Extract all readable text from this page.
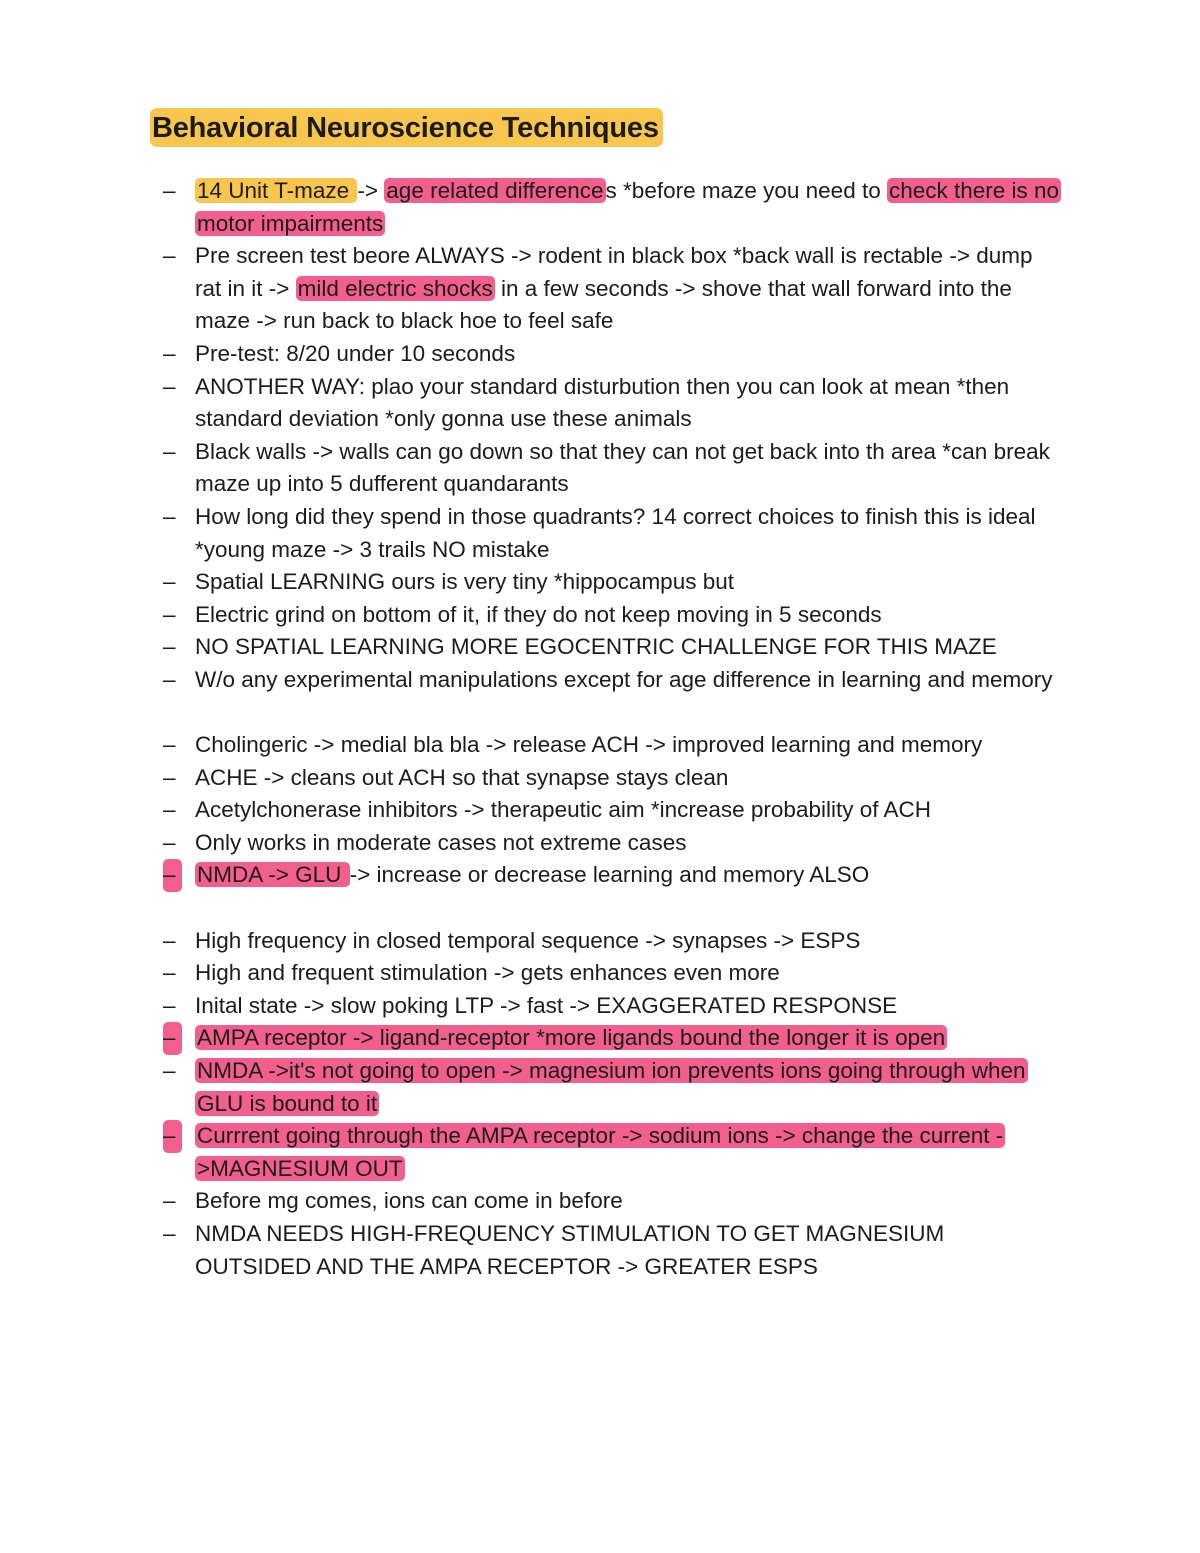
Behavioral Neuroscience Techniques
– 14 Unit T-maze -> age related differences *before maze you need to check there is no motor impairments
– Pre screen test beore ALWAYS -> rodent in black box *back wall is rectable -> dump rat in it -> mild electric shocks in a few seconds -> shove that wall forward into the maze -> run back to black hoe to feel safe
– Pre-test: 8/20 under 10 seconds
– ANOTHER WAY: plao your standard disturbution then you can look at mean *then standard deviation *only gonna use these animals
– Black walls -> walls can go down so that they can not get back into th area *can break maze up into 5 dufferent quandarants
– How long did they spend in those quadrants? 14 correct choices to finish this is ideal *young maze -> 3 trails NO mistake
– Spatial LEARNING ours is very tiny *hippocampus but
– Electric grind on bottom of it, if they do not keep moving in 5 seconds
– NO SPATIAL LEARNING MORE EGOCENTRIC CHALLENGE FOR THIS MAZE
– W/o any experimental manipulations except for age difference in learning and memory
– Cholingeric -> medial bla bla -> release ACH -> improved learning and memory
– ACHE -> cleans out ACH so that synapse stays clean
– Acetylchonerase inhibitors -> therapeutic aim *increase probability of ACH
– Only works in moderate cases not extreme cases
– NMDA -> GLU -> increase or decrease learning and memory ALSO
– High frequency in closed temporal sequence -> synapses -> ESPS
– High and frequent stimulation -> gets enhances even more
– Inital state -> slow poking LTP -> fast -> EXAGGERATED RESPONSE
– AMPA receptor -> ligand-receptor *more ligands bound the longer it is open
– NMDA ->it's not going to open -> magnesium ion prevents ions going through when GLU is bound to it
– Currrent going through the AMPA receptor -> sodium ions -> change the current ->MAGNESIUM OUT
– Before mg comes, ions can come in before
– NMDA NEEDS HIGH-FREQUENCY STIMULATION TO GET MAGNESIUM OUTSIDED AND THE AMPA RECEPTOR -> GREATER ESPS
